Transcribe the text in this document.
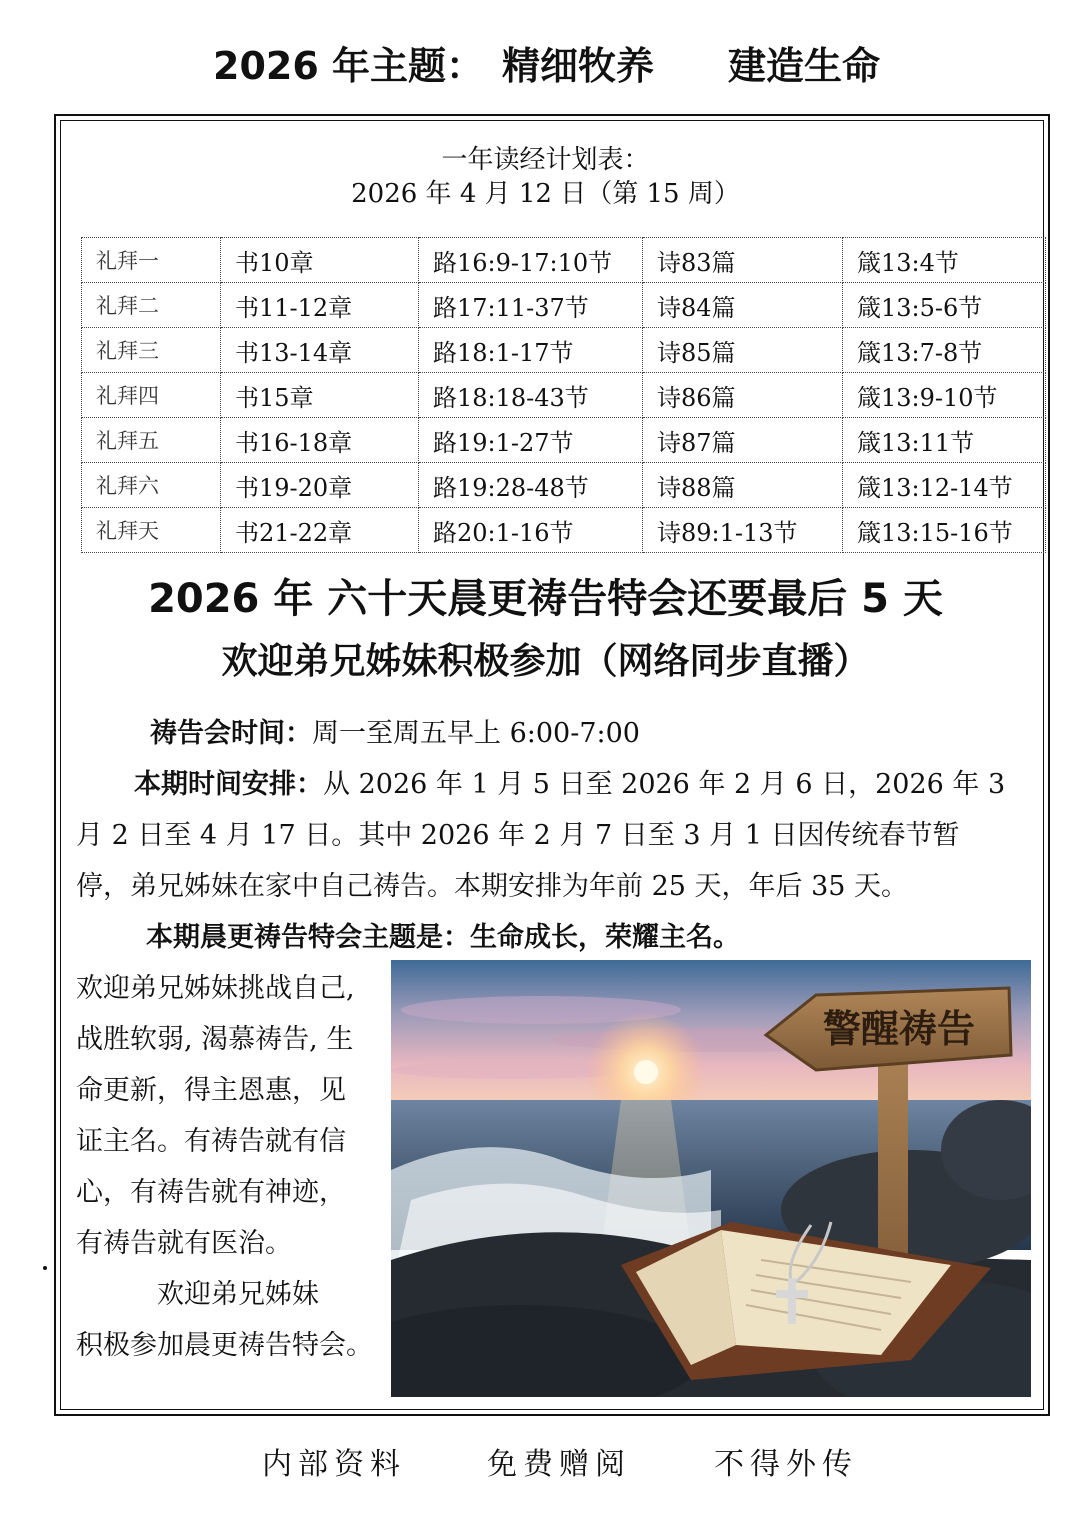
2026 年主题： 精细牧养 建造生命
一年读经计划表：
2026 年 4 月 12 日（第 15 周）
礼拜一	书10章	路16:9-17:10节	诗83篇	箴13:4节
礼拜二	书11-12章	路17:11-37节	诗84篇	箴13:5-6节
礼拜三	书13-14章	路18:1-17节	诗85篇	箴13:7-8节
礼拜四	书15章	路18:18-43节	诗86篇	箴13:9-10节
礼拜五	书16-18章	路19:1-27节	诗87篇	箴13:11节
礼拜六	书19-20章	路19:28-48节	诗88篇	箴13:12-14节
礼拜天	书21-22章	路20:1-16节	诗89:1-13节	箴13:15-16节
2026 年 六十天晨更祷告特会还要最后 5 天
欢迎弟兄姊妹积极参加（网络同步直播）
祷告会时间：周一至周五早上 6:00-7:00
本期时间安排：从 2026 年 1 月 5 日至 2026 年 2 月 6 日，2026 年 3
月 2 日至 4 月 17 日。其中 2026 年 2 月 7 日至 3 月 1 日因传统春节暂
停，弟兄姊妹在家中自己祷告。本期安排为年前 25 天，年后 35 天。
本期晨更祷告特会主题是：生命成长，荣耀主名。
欢迎弟兄姊妹挑战自己,
战胜软弱, 渴慕祷告, 生
命更新，得主恩惠，见
证主名。有祷告就有信
心，有祷告就有神迹，
有祷告就有医治。
　　　欢迎弟兄姊妹
积极参加晨更祷告特会。
警醒祷告
内部资料	免费赠阅	不得外传
